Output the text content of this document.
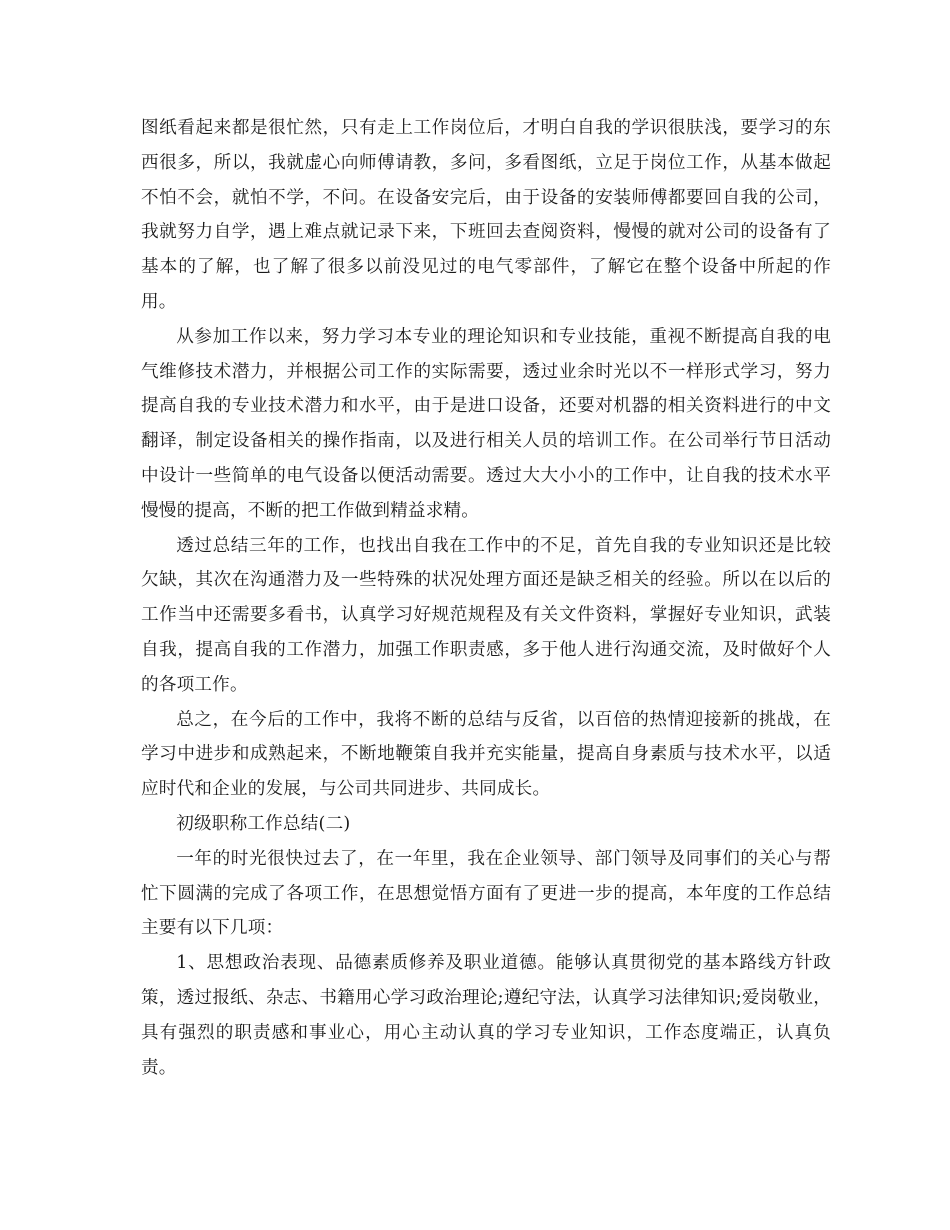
图纸看起来都是很忙然，只有走上工作岗位后，才明白自我的学识很肤浅，要学习的东西很多，所以，我就虚心向师傅请教，多问，多看图纸，立足于岗位工作，从基本做起不怕不会，就怕不学，不问。在设备安完后，由于设备的安装师傅都要回自我的公司，我就努力自学，遇上难点就记录下来，下班回去查阅资料，慢慢的就对公司的设备有了基本的了解，也了解了很多以前没见过的电气零部件，了解它在整个设备中所起的作用。

从参加工作以来，努力学习本专业的理论知识和专业技能，重视不断提高自我的电气维修技术潜力，并根据公司工作的实际需要，透过业余时光以不一样形式学习，努力提高自我的专业技术潜力和水平，由于是进口设备，还要对机器的相关资料进行的中文翻译，制定设备相关的操作指南，以及进行相关人员的培训工作。在公司举行节日活动中设计一些简单的电气设备以便活动需要。透过大大小小的工作中，让自我的技术水平慢慢的提高，不断的把工作做到精益求精。

透过总结三年的工作，也找出自我在工作中的不足，首先自我的专业知识还是比较欠缺，其次在沟通潜力及一些特殊的状况处理方面还是缺乏相关的经验。所以在以后的工作当中还需要多看书，认真学习好规范规程及有关文件资料，掌握好专业知识，武装自我，提高自我的工作潜力，加强工作职责感，多于他人进行沟通交流，及时做好个人的各项工作。

总之，在今后的工作中，我将不断的总结与反省，以百倍的热情迎接新的挑战，在学习中进步和成熟起来，不断地鞭策自我并充实能量，提高自身素质与技术水平，以适应时代和企业的发展，与公司共同进步、共同成长。

初级职称工作总结(二)

一年的时光很快过去了，在一年里，我在企业领导、部门领导及同事们的关心与帮忙下圆满的完成了各项工作，在思想觉悟方面有了更进一步的提高，本年度的工作总结主要有以下几项：

1、思想政治表现、品德素质修养及职业道德。能够认真贯彻党的基本路线方针政策，透过报纸、杂志、书籍用心学习政治理论;遵纪守法，认真学习法律知识;爱岗敬业，具有强烈的职责感和事业心，用心主动认真的学习专业知识，工作态度端正，认真负责。
